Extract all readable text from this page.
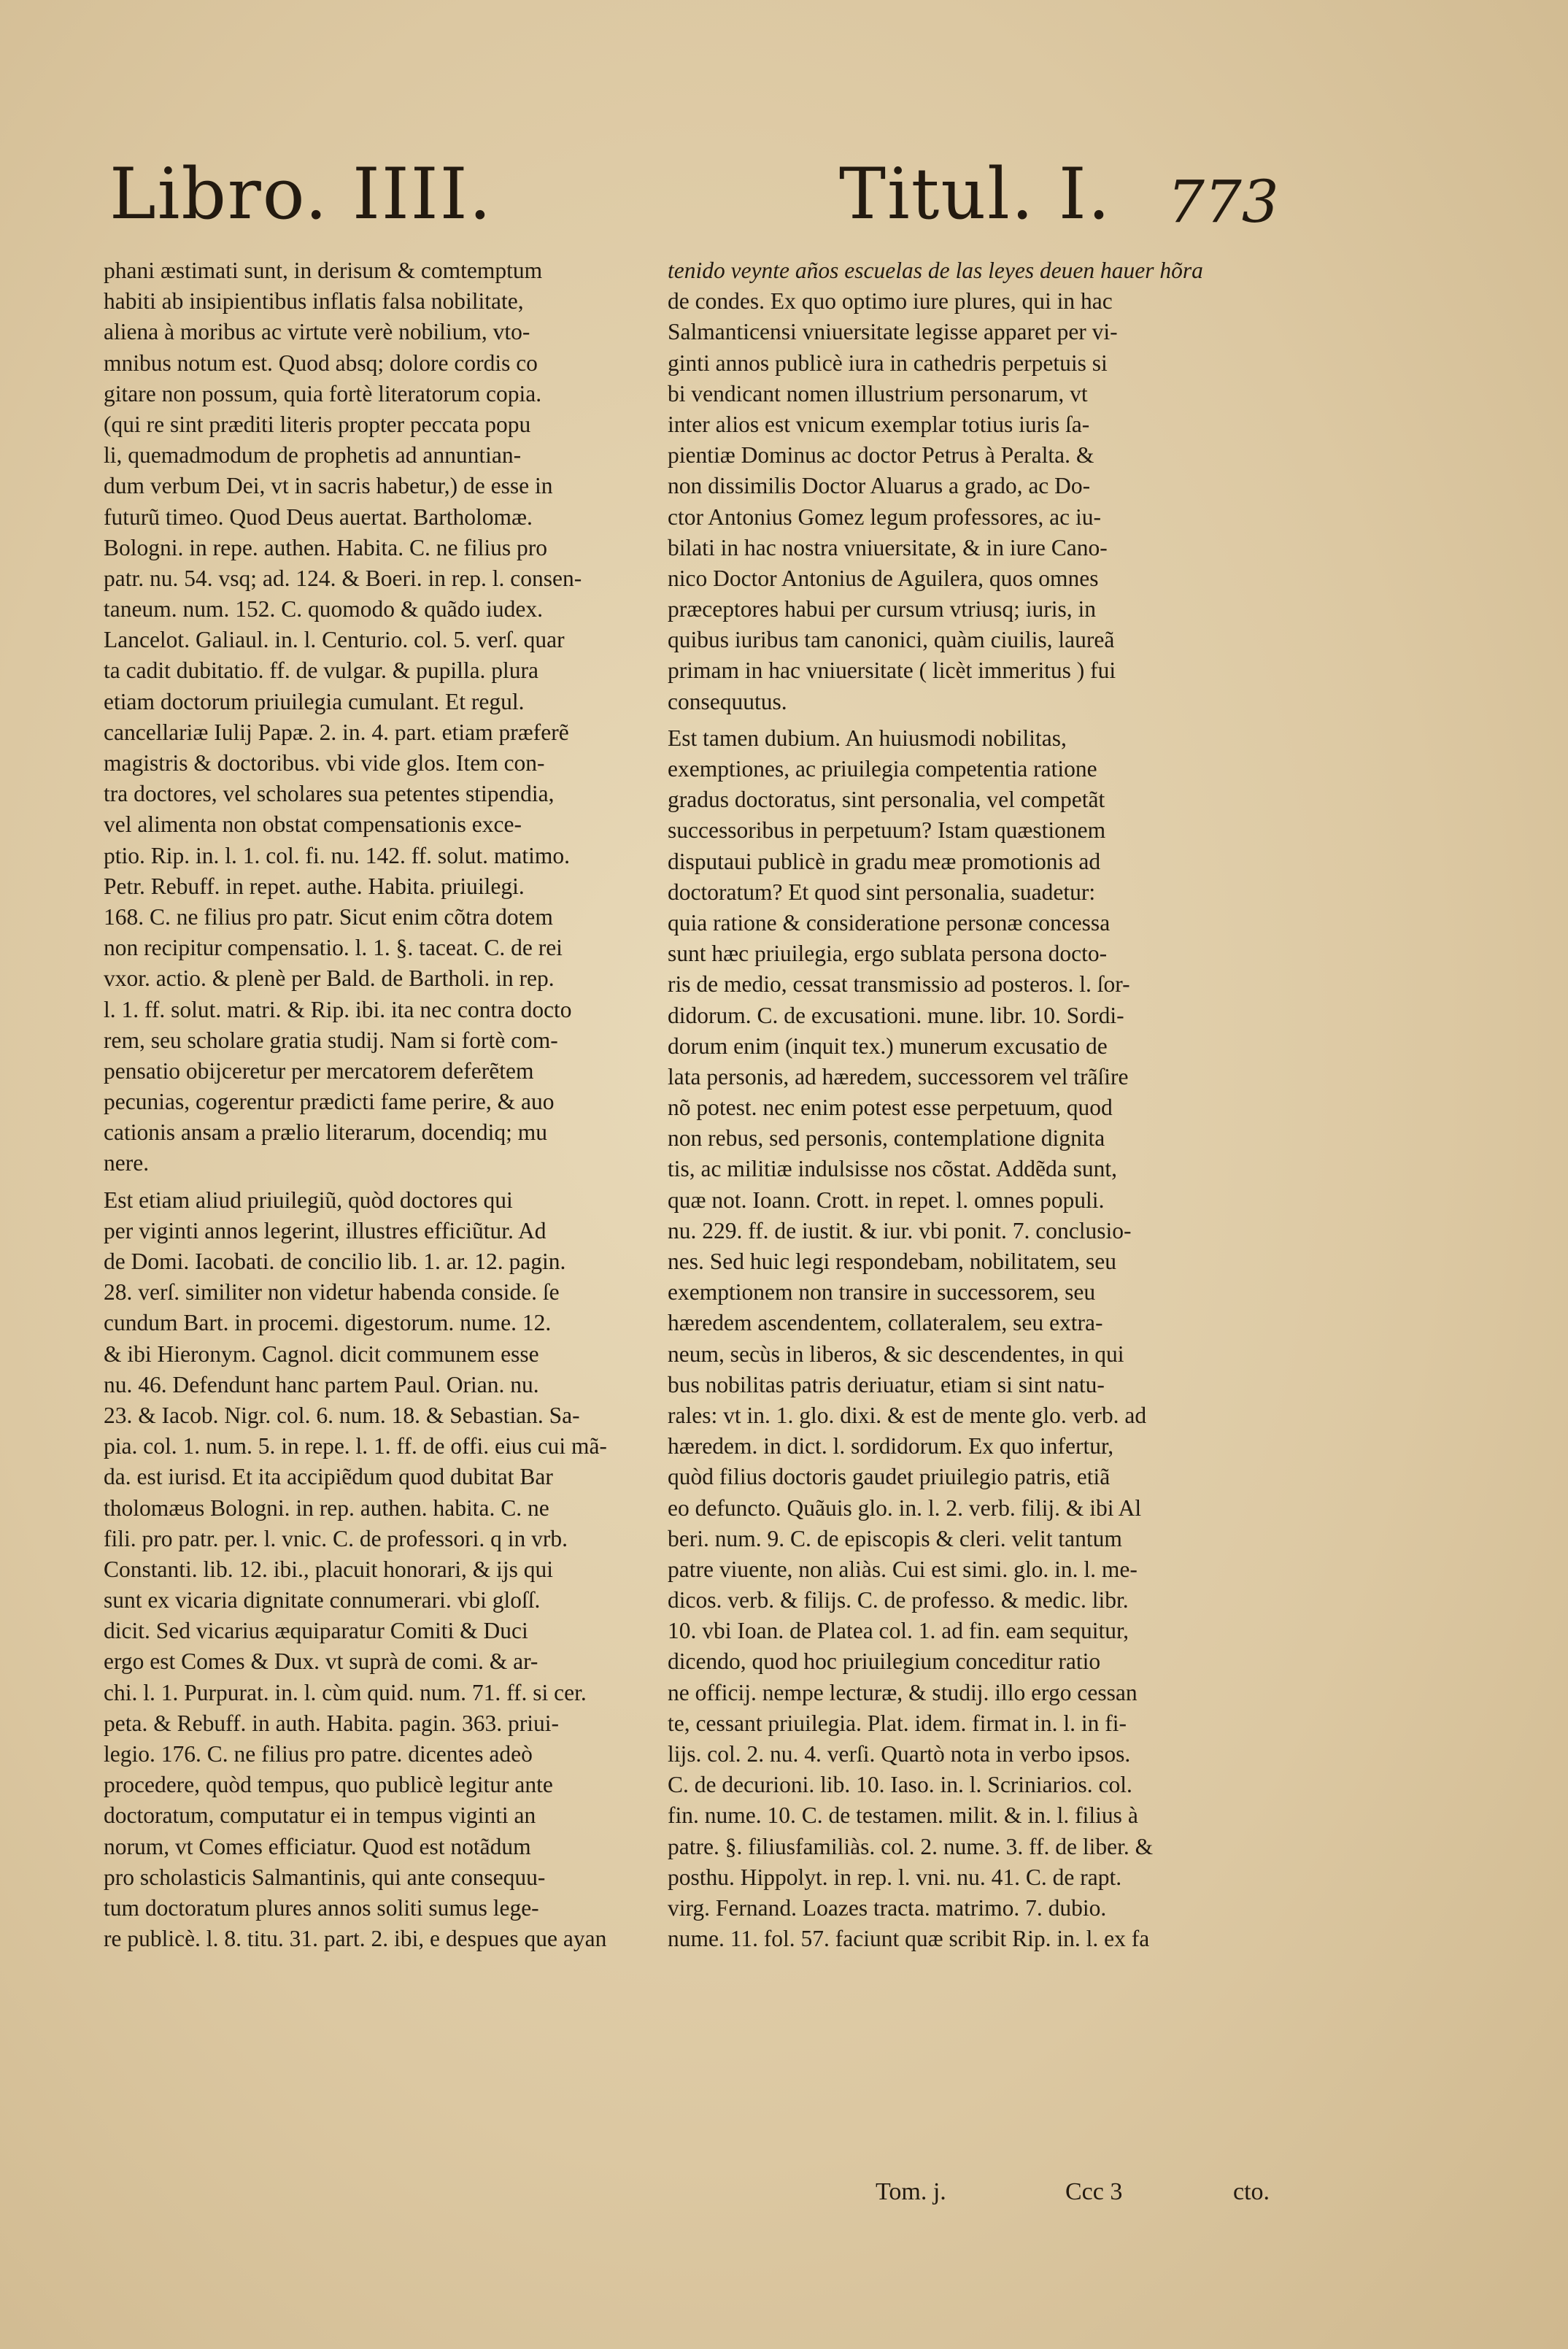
Libro. IIII.	Titul. I. 773
phani æstimati sunt, in derisum & comtemptum
habiti ab insipientibus inflatis falsa nobilitate,
aliena à moribus ac virtute verè nobilium, vto-
mnibus notum est. Quod absq; dolore cordis co
gitare non possum, quia fortè literatorum copia.
(qui re sint præditi literis propter peccata popu
li, quemadmodum de prophetis ad annuntian-
dum verbum Dei, vt in sacris habetur,) de esse in
futurũ timeo. Quod Deus auertat. Bartholomæ.
Bologni. in repe. authen. Habita. C. ne filius pro
patr. nu. 54. vsq; ad. 124. & Boeri. in rep. l. consen-
taneum. num. 152. C. quomodo & quãdo iudex.
Lancelot. Galiaul. in. l. Centurio. col. 5. verſ. quar
ta cadit dubitatio. ff. de vulgar. & pupilla. plura
etiam doctorum priuilegia cumulant. Et regul.
cancellariæ Iulij Papæ. 2. in. 4. part. etiam præferẽ
magistris & doctoribus. vbi vide glos. Item con-
tra doctores, vel scholares sua petentes stipendia,
vel alimenta non obstat compensationis exce-
ptio. Rip. in. l. 1. col. fi. nu. 142. ff. solut. matimo.
Petr. Rebuff. in repet. authe. Habita. priuilegi.
168. C. ne filius pro patr. Sicut enim cõtra dotem
non recipitur compensatio. l. 1. §. taceat. C. de rei
vxor. actio. & plenè per Bald. de Bartholi. in rep.
l. 1. ff. solut. matri. & Rip. ibi. ita nec contra docto
rem, seu scholare gratia studij. Nam si fortè com-
pensatio obijceretur per mercatorem deferẽtem
pecunias, cogerentur prædicti fame perire, & auo
cationis ansam a prælio literarum, docendiq; mu
nere.
Est etiam aliud priuilegiũ, quòd doctores qui
per viginti annos legerint, illustres efficiũtur. Ad
de Domi. Iacobati. de concilio lib. 1. ar. 12. pagin.
28. verſ. similiter non videtur habenda conside. ſe
cundum Bart. in procemi. digestorum. nume. 12.
& ibi Hieronym. Cagnol. dicit communem esse
nu. 46. Defendunt hanc partem Paul. Orian. nu.
23. & Iacob. Nigr. col. 6. num. 18. & Sebastian. Sa-
pia. col. 1. num. 5. in repe. l. 1. ff. de offi. eius cui mã-
da. est iurisd. Et ita accipiẽdum quod dubitat Bar
tholomæus Bologni. in rep. authen. habita. C. ne
fili. pro patr. per. l. vnic. C. de professori. q in vrb.
Constanti. lib. 12. ibi., placuit honorari, & ijs qui
sunt ex vicaria dignitate connumerari. vbi gloſſ.
dicit. Sed vicarius æquiparatur Comiti & Duci
ergo est Comes & Dux. vt suprà de comi. & ar-
chi. l. 1. Purpurat. in. l. cùm quid. num. 71. ff. si cer.
peta. & Rebuff. in auth. Habita. pagin. 363. priui-
legio. 176. C. ne filius pro patre. dicentes adeò
procedere, quòd tempus, quo publicè legitur ante
doctoratum, computatur ei in tempus viginti an
norum, vt Comes efficiatur. Quod est notãdum
pro scholasticis Salmantinis, qui ante consequu-
tum doctoratum plures annos soliti sumus lege-
re publicè. l. 8. titu. 31. part. 2. ibi, e despues que ayan
tenido veynte años escuelas de las leyes deuen hauer hõra
de condes. Ex quo optimo iure plures, qui in hac
Salmanticensi vniuersitate legisse apparet per vi-
ginti annos publicè iura in cathedris perpetuis si
bi vendicant nomen illustrium personarum, vt
inter alios est vnicum exemplar totius iuris ſa-
pientiæ Dominus ac doctor Petrus à Peralta. &
non dissimilis Doctor Aluarus a grado, ac Do-
ctor Antonius Gomez legum professores, ac iu-
bilati in hac nostra vniuersitate, & in iure Cano-
nico Doctor Antonius de Aguilera, quos omnes
præceptores habui per cursum vtriusq; iuris, in
quibus iuribus tam canonici, quàm ciuilis, laureã
primam in hac vniuersitate ( licèt immeritus ) fui
consequutus.
Est tamen dubium. An huiusmodi nobilitas,
exemptiones, ac priuilegia competentia ratione
gradus doctoratus, sint personalia, vel competãt
successoribus in perpetuum? Istam quæstionem
disputaui publicè in gradu meæ promotionis ad
doctoratum? Et quod sint personalia, suadetur:
quia ratione & consideratione personæ concessa
sunt hæc priuilegia, ergo sublata persona docto-
ris de medio, cessat transmissio ad posteros. l. ſor-
didorum. C. de excusationi. mune. libr. 10. Sordi-
dorum enim (inquit tex.) munerum excusatio de
lata personis, ad hæredem, successorem vel trãſire
nõ potest. nec enim potest esse perpetuum, quod
non rebus, sed personis, contemplatione dignita
tis, ac militiæ indulsisse nos cõstat. Addẽda sunt,
quæ not. Ioann. Crott. in repet. l. omnes populi.
nu. 229. ff. de iustit. & iur. vbi ponit. 7. conclusio-
nes. Sed huic legi respondebam, nobilitatem, seu
exemptionem non transire in successorem, seu
hæredem ascendentem, collateralem, seu extra-
neum, secùs in liberos, & sic descendentes, in qui
bus nobilitas patris deriuatur, etiam si sint natu-
rales: vt in. 1. glo. dixi. & est de mente glo. verb. ad
hæredem. in dict. l. sordidorum. Ex quo infertur,
quòd filius doctoris gaudet priuilegio patris, etiã
eo defuncto. Quãuis glo. in. l. 2. verb. filij. & ibi Al
beri. num. 9. C. de episcopis & cleri. velit tantum
patre viuente, non aliàs. Cui est simi. glo. in. l. me-
dicos. verb. & filijs. C. de professo. & medic. libr.
10. vbi Ioan. de Platea col. 1. ad fin. eam sequitur,
dicendo, quod hoc priuilegium conceditur ratio
ne officij. nempe lecturæ, & studij. illo ergo cessan
te, cessant priuilegia. Plat. idem. firmat in. l. in fi-
lijs. col. 2. nu. 4. verſi. Quartò nota in verbo ipsos.
C. de decurioni. lib. 10. Iaso. in. l. Scriniarios. col.
fin. nume. 10. C. de testamen. milit. & in. l. filius à
patre. §. filiusfamiliàs. col. 2. nume. 3. ff. de liber. &
posthu. Hippolyt. in rep. l. vni. nu. 41. C. de rapt.
virg. Fernand. Loazes tracta. matrimo. 7. dubio.
nume. 11. fol. 57. faciunt quæ scribit Rip. in. l. ex fa
Tom. j.	Ccc 3	cto.
